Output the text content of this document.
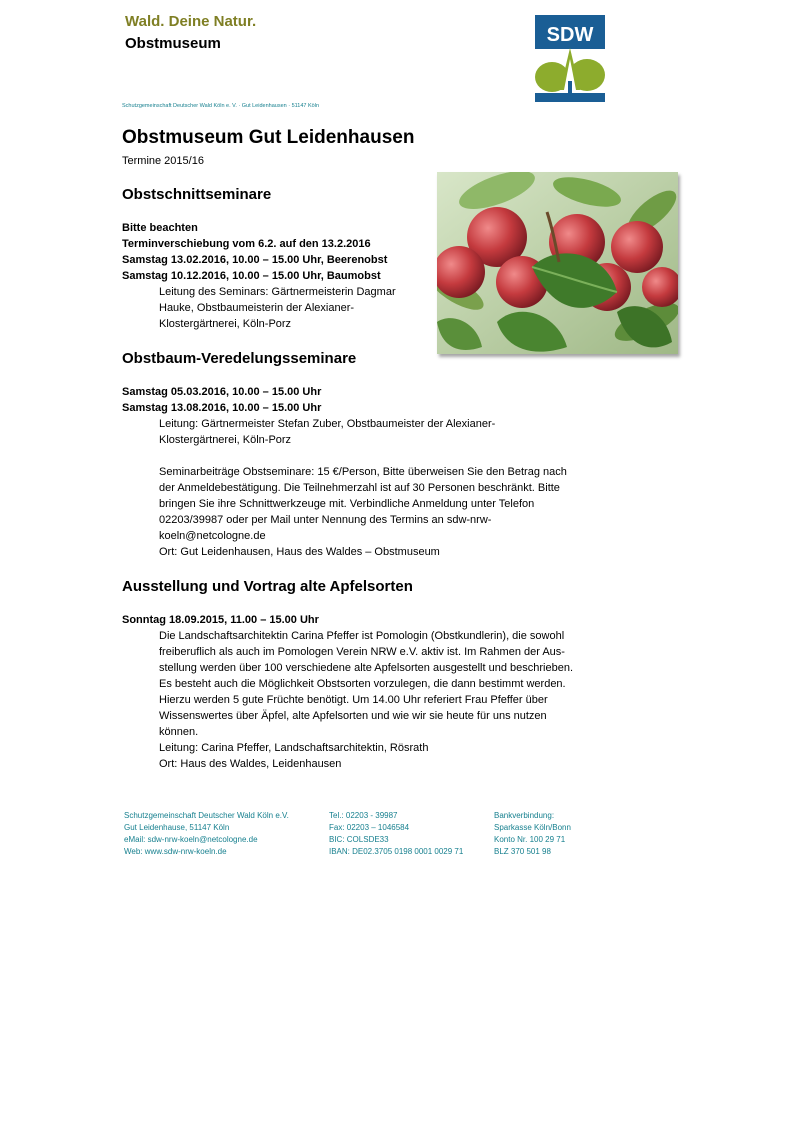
Wald. Deine Natur.
Obstmuseum	SDW
Schutzgemeinschaft Deutscher Wald Köln e. V. · Gut Leidenhausen · 51147 Köln
Obstmuseum Gut Leidenhausen
Termine 2015/16
Obstschnittseminare
Bitte beachten
Terminverschiebung vom 6.2. auf den 13.2.2016
Samstag 13.02.2016, 10.00 – 15.00 Uhr, Beerenobst
Samstag 10.12.2016, 10.00 – 15.00 Uhr, Baumobst
Leitung des Seminars: Gärtnermeisterin Dagmar
Hauke, Obstbaumeisterin der Alexianer-
Klostergärtnerei, Köln-Porz
Obstbaum-Veredelungsseminare
Samstag 05.03.2016, 10.00 – 15.00 Uhr
Samstag 13.08.2016, 10.00 – 15.00 Uhr
Leitung: Gärtnermeister Stefan Zuber, Obstbaumeister der Alexianer-
Klostergärtnerei, Köln-Porz
Seminarbeiträge Obstseminare: 15 €/Person, Bitte überweisen Sie den Betrag nach
der Anmeldebestätigung. Die Teilnehmerzahl ist auf 30 Personen beschränkt. Bitte
bringen Sie ihre Schnittwerkzeuge mit. Verbindliche Anmeldung unter Telefon
02203/39987 oder per Mail unter Nennung des Termins an sdw-nrw-
koeln@netcologne.de
Ort: Gut Leidenhausen, Haus des Waldes – Obstmuseum
Ausstellung und Vortrag alte Apfelsorten
Sonntag 18.09.2015, 11.00 – 15.00 Uhr
Die Landschaftsarchitektin Carina Pfeffer ist Pomologin (Obstkundlerin), die sowohl
freiberuflich als auch im Pomologen Verein NRW e.V. aktiv ist. Im Rahmen der Aus-
stellung werden über 100 verschiedene alte Apfelsorten ausgestellt und beschrieben.
Es besteht auch die Möglichkeit Obstsorten vorzulegen, die dann bestimmt werden.
Hierzu werden 5 gute Früchte benötigt. Um 14.00 Uhr referiert Frau Pfeffer über
Wissenswertes über Äpfel, alte Apfelsorten und wie wir sie heute für uns nutzen
können.
Leitung: Carina Pfeffer, Landschaftsarchitektin, Rösrath
Ort: Haus des Waldes, Leidenhausen
Schutzgemeinschaft Deutscher Wald Köln e.V.
Gut Leidenhause, 51147 Köln
eMail: sdw-nrw-koeln@netcologne.de
Web: www.sdw-nrw-koeln.de
Tel.: 02203 - 39987
Fax: 02203 – 1046584
BIC: COLSDE33
IBAN: DE02.3705 0198 0001 0029 71
Bankverbindung:
Sparkasse Köln/Bonn
Konto Nr. 100 29 71
BLZ 370 501 98
